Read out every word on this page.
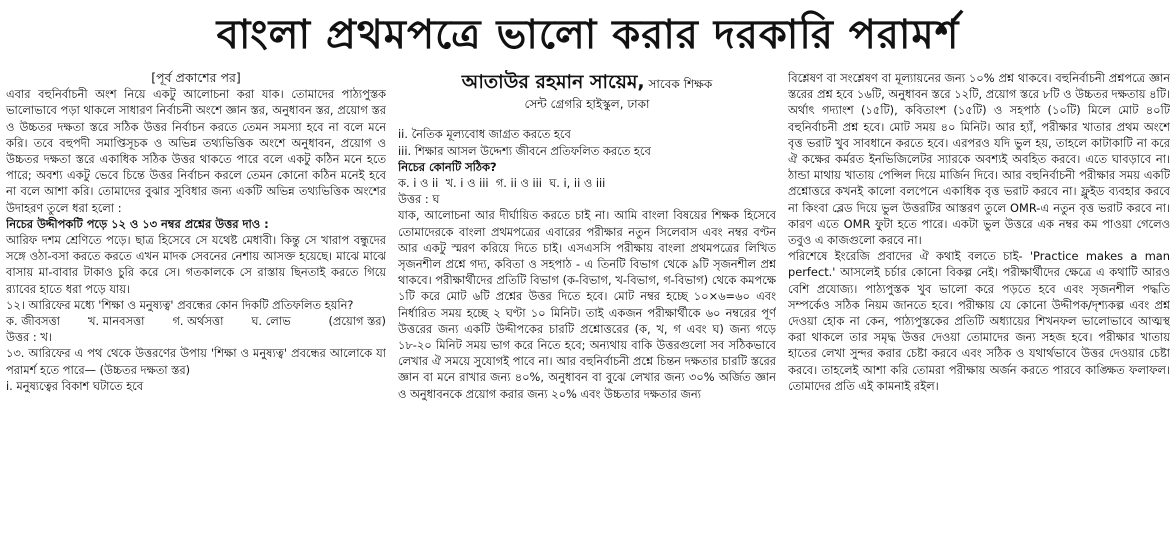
বাংলা প্রথমপত্রে ভালো করার দরকারি পরামর্শ

[পূর্ব প্রকাশের পর]

এবার বহুনির্বাচনী অংশ নিয়ে একটু আলোচনা করা যাক। তোমাদের পাঠ্যপুস্তক ভালোভাবে পড়া থাকলে সাধারণ নির্বাচনী অংশে জ্ঞান স্তর, অনুধাবন স্তর, প্রয়োগ স্তর ও উচ্চতর দক্ষতা স্তরে সঠিক উত্তর নির্বাচন করতে তেমন সমস্যা হবে না বলে মনে করি। তবে বহুপদী সমাপ্তিসূচক ও অভিন্ন তথ্যভিত্তিক অংশে অনুধাবন, প্রয়োগ ও উচ্চতর দক্ষতা স্তরে একাধিক সঠিক উত্তর থাকতে পারে বলে একটু কঠিন মনে হতে পারে; অবশ্য একটু ভেবে চিন্তে উত্তর নির্বাচন করলে তেমন কোনো কঠিন মনেই হবে না বলে আশা করি। তোমাদের বুঝার সুবিধার জন্য একটি অভিন্ন তথ্যভিত্তিক অংশের উদাহরণ তুলে ধরা হলো :

নিচের উদ্দীপকটি পড়ে ১২ ও ১৩ নম্বর প্রশ্নের উত্তর দাও :

আরিফ দশম শ্রেণিতে পড়ে। ছাত্র হিসেবে সে যথেষ্ট মেধাবী। কিন্তু সে খারাপ বন্ধুদের সঙ্গে ওঠা-বসা করতে করতে এখন মাদক সেবনের নেশায় আসক্ত হয়েছে। মাঝে মাঝে বাসায় মা-বাবার টাকাও চুরি করে সে। গতকালকে সে রাস্তায় ছিনতাই করতে গিয়ে র‍্যাবের হাতে ধরা পড়ে যায়।

১২। আরিফের মধ্যে 'শিক্ষা ও মনুষ্যত্ব' প্রবন্ধের কোন দিকটি প্রতিফলিত হয়নি?
(প্রয়োগ স্তর)

ক. জীবসত্তা খ. মানবসত্তা গ. অর্থসত্তা ঘ. লোভ

উত্তর : খ।

১৩. আরিফের এ পথ থেকে উত্তরণের উপায় 'শিক্ষা ও মনুষ্যত্ব' প্রবন্ধের আলোকে যা পরামর্শ হতে পারে— (উচ্চতর দক্ষতা স্তর)

i. মনুষ্যত্বের বিকাশ ঘটাতে হবে

আতাউর রহমান সায়েম, সাবেক শিক্ষক
সেন্ট গ্রেগরি হাইস্কুল, ঢাকা

ii. নৈতিক মূল্যবোধ জাগ্রত করতে হবে

iii. শিক্ষার আসল উদ্দেশ্য জীবনে প্রতিফলিত করতে হবে

নিচের কোনটি সঠিক?

ক. i ও ii  খ. i ও iii  গ. ii ও iii  ঘ. i, ii ও iii

উত্তর : ঘ

যাক, আলোচনা আর দীর্ঘায়িত করতে চাই না। আমি বাংলা বিষয়ের শিক্ষক হিসেবে তোমাদেরকে বাংলা প্রথমপত্রের এবারের পরীক্ষার নতুন সিলেবাস এবং নম্বর বণ্টন আর একটু স্মরণ করিয়ে দিতে চাই। এসএসসি পরীক্ষায় বাংলা প্রথমপত্রের লিখিত সৃজনশীল প্রশ্নে গদ্য, কবিতা ও সহপাঠ - এ তিনটি বিভাগ থেকে ৯টি সৃজনশীল প্রশ্ন থাকবে। পরীক্ষার্থীদের প্রতিটি বিভাগ (ক-বিভাগ, খ-বিভাগ, গ-বিভাগ) থেকে কমপক্ষে ১টি করে মোট ৬টি প্রশ্নের উত্তর দিতে হবে। মোট নম্বর হচ্ছে ১০×৬=৬০ এবং নির্ধারিত সময় হচ্ছে ২ ঘণ্টা ১০ মিনিট। তাই একজন পরীক্ষার্থীকে ৬০ নম্বরের পূর্ণ উত্তরের জন্য একটি উদ্দীপকের চারটি প্রশ্নোত্তরের (ক, খ, গ এবং ঘ) জন্য গড়ে ১৮-২০ মিনিট সময় ভাগ করে নিতে হবে; অন্যথায় বাকি উত্তরগুলো সব সঠিকভাবে লেখার ঐ সময়ে সুযোগই পাবে না। আর বহুনির্বাচনী প্রশ্নে চিন্তন দক্ষতার চারটি স্তরের জ্ঞান বা মনে রাখার জন্য ৪০%, অনুধাবন বা বুঝে লেখার জন্য ৩০% অর্জিত জ্ঞান ও অনুধাবনকে প্রয়োগ করার জন্য ২০% এবং উচ্চতার দক্ষতার জন্য

বিশ্লেষণ বা সংশ্লেষণ বা মূল্যায়নের জন্য ১০% প্রশ্ন থাকবে। বহুনির্বাচনী প্রশ্নপত্রে জ্ঞান স্তরের প্রশ্ন হবে ১৬টি, অনুধাবন স্তরে ১২টি, প্রয়োগ স্তরে ৮টি ও উচ্চতর দক্ষতায় ৪টি। অর্থাৎ গদ্যাংশ (১৫টি), কবিতাংশ (১৫টি) ও সহপাঠ (১০টি) মিলে মোট ৪০টি বহুনির্বাচনী প্রশ্ন হবে। মোট সময় ৪০ মিনিট। আর হ্যাঁ, পরীক্ষার খাতার প্রথম অংশে বৃত্ত ভরাট খুব সাবধানে করতে হবে। এরপরও যদি ভুল হয়, তাহলে কাটাকাটি না করে ঐ কক্ষের কর্মরত ইনভিজিলেটর স্যারকে অবশ্যই অবহিত করবে। এতে ঘাবড়াবে না। ঠান্ডা মাথায় খাতায় পেন্সিল দিয়ে মার্জিন দিবে। আর বহুনির্বাচনী পরীক্ষার সময় একটি প্রশ্নোত্তরে কখনই কালো বলপেনে একাধিক বৃত্ত ভরাট করবে না। ফ্লুইড ব্যবহার করবে না কিংবা ব্লেড দিয়ে ভুল উত্তরটির আস্তরণ তুলে OMR-এ নতুন বৃত্ত ভরাট করবে না। কারণ এতে OMR ফুটা হতে পারে। একটা ভুল উত্তরে এক নম্বর কম পাওয়া গেলেও তবুও এ কাজগুলো করবে না।

পরিশেষে ইংরেজি প্রবাদের ঐ কথাই বলতে চাই- 'Practice makes a man perfect.' আসলেই চর্চার কোনো বিকল্প নেই। পরীক্ষার্থীদের ক্ষেত্রে এ কথাটি আরও বেশি প্রযোজ্য। পাঠ্যপুস্তক খুব ভালো করে পড়তে হবে এবং সৃজনশীল পদ্ধতি সম্পর্কেও সঠিক নিয়ম জানতে হবে। পরীক্ষায় যে কোনো উদ্দীপক/দৃশ্যকল্প এবং প্রশ্ন দেওয়া হোক না কেন, পাঠ্যপুস্তকের প্রতিটি অধ্যায়ের শিখনফল ভালোভাবে আত্মস্থ করা থাকলে তার সমৃদ্ধ উত্তর দেওয়া তোমাদের জন্য সহজ হবে। পরীক্ষার খাতায় হাতের লেখা সুন্দর করার চেষ্টা করবে এবং সঠিক ও যথার্থভাবে উত্তর দেওয়ার চেষ্টা করবে। তাহলেই আশা করি তোমরা পরীক্ষায় অর্জন করতে পারবে কাঙ্ক্ষিত ফলাফল। তোমাদের প্রতি এই কামনাই রইল।
